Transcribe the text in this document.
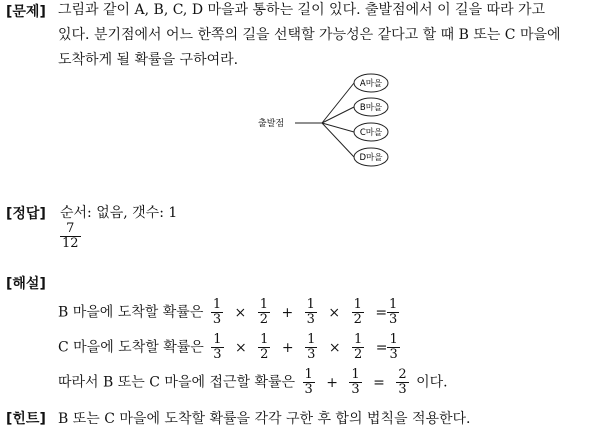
[문제] 그림과 같이 A, B, C, D 마을과 통하는 길이 있다. 출발점에서 이 길을 따라 가고
있다. 분기점에서 어느 한쪽의 길을 선택할 가능성은 같다고 할 때 B 또는 C 마을에
도착하게 될 확률을 구하여라.
출발점
A마을
B마을
C마을
D마을
[정답] 순서: 없음, 갯수: 1
$\frac{7}{12}$
[해설]
B 마을에 도착할 확률은 $\frac{1}{3} \times \frac{1}{2} + \frac{1}{3} \times \frac{1}{2} = \frac{1}{3}$
C 마을에 도착할 확률은 $\frac{1}{3} \times \frac{1}{2} + \frac{1}{3} \times \frac{1}{2} = \frac{1}{3}$
따라서 B 또는 C 마을에 접근할 확률은 $\frac{1}{3} + \frac{1}{3} = \frac{2}{3}$ 이다.
[힌트] B 또는 C 마을에 도착할 확률을 각각 구한 후 합의 법칙을 적용한다.
